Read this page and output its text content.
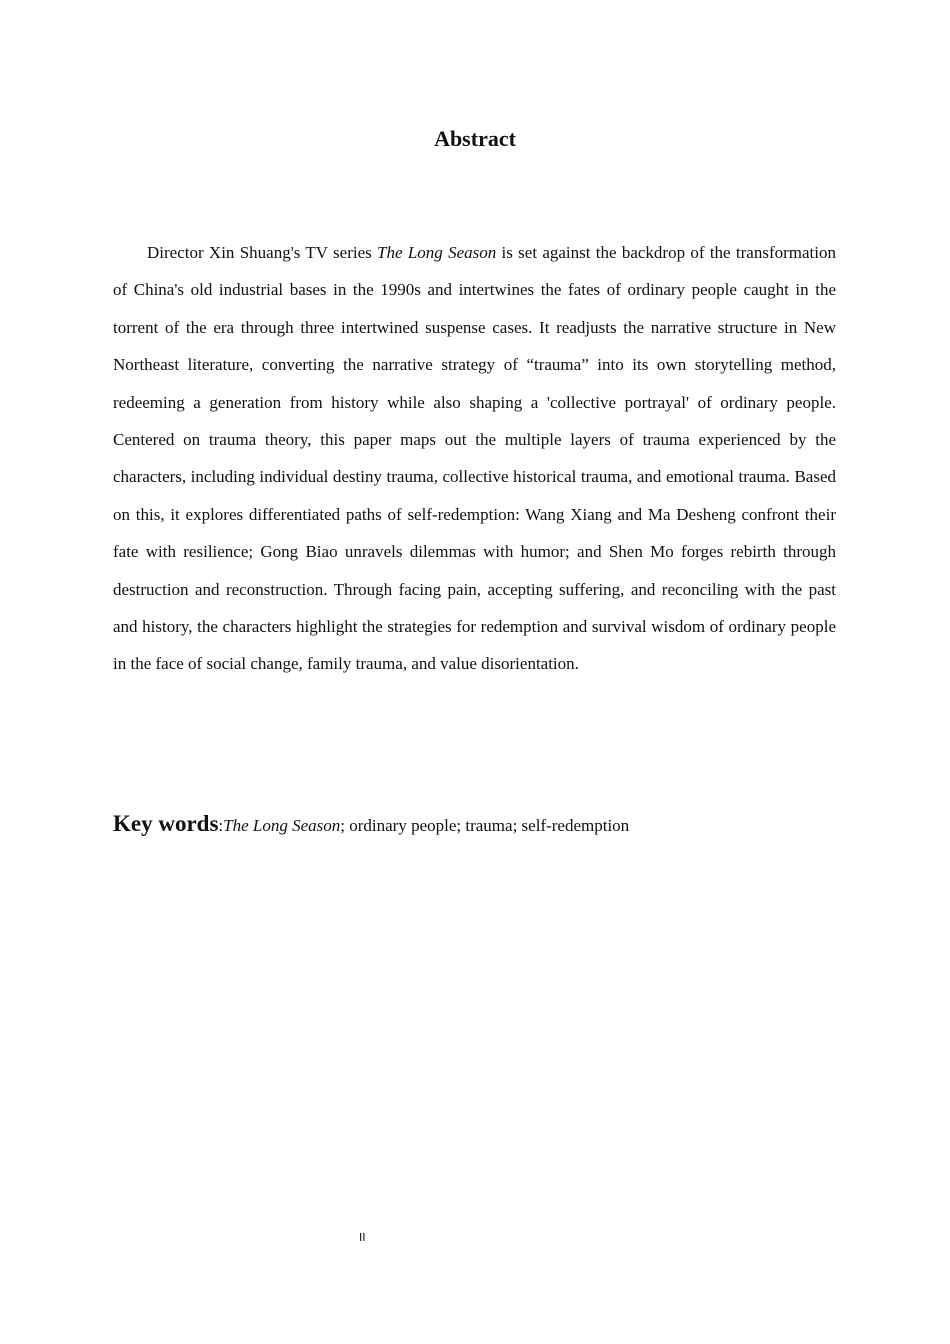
Abstract

Director Xin Shuang's TV series The Long Season is set against the backdrop of the transformation of China's old industrial bases in the 1990s and intertwines the fates of ordinary people caught in the torrent of the era through three intertwined suspense cases. It readjusts the narrative structure in New Northeast literature, converting the narrative strategy of “trauma” into its own storytelling method, redeeming a generation from history while also shaping a 'collective portrayal' of ordinary people. Centered on trauma theory, this paper maps out the multiple layers of trauma experienced by the characters, including individual destiny trauma, collective historical trauma, and emotional trauma. Based on this, it explores differentiated paths of self-redemption: Wang Xiang and Ma Desheng confront their fate with resilience; Gong Biao unravels dilemmas with humor; and Shen Mo forges rebirth through destruction and reconstruction. Through facing pain, accepting suffering, and reconciling with the past and history, the characters highlight the strategies for redemption and survival wisdom of ordinary people in the face of social change, family trauma, and value disorientation.

Key words:The Long Season; ordinary people; trauma; self-redemption
II
